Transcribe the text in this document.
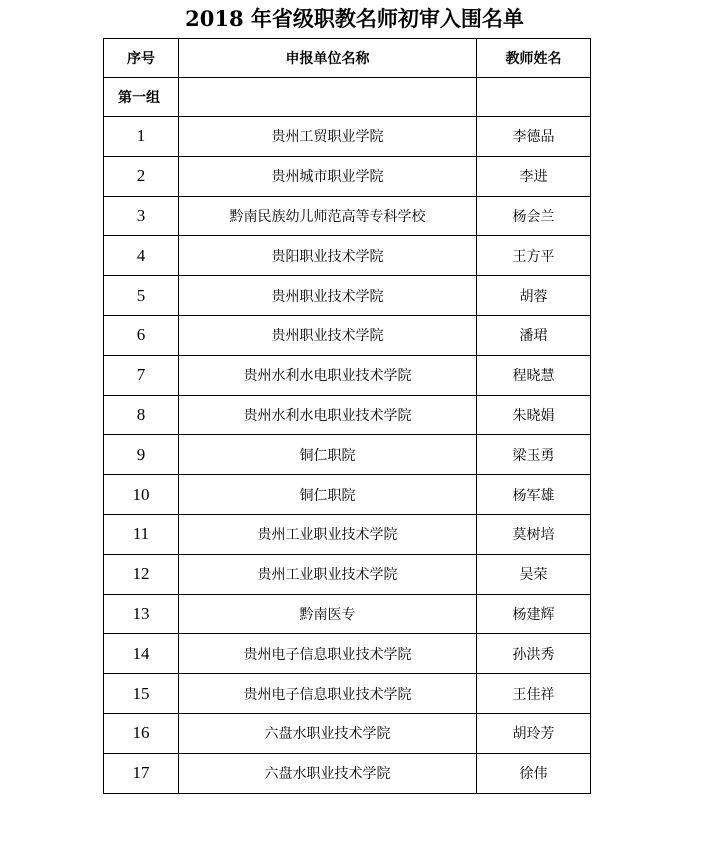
2018 年省级职教名师初审入围名单
序号	申报单位名称	教师姓名
第一组		
1	贵州工贸职业学院	李德品
2	贵州城市职业学院	李进
3	黔南民族幼儿师范高等专科学校	杨会兰
4	贵阳职业技术学院	王方平
5	贵州职业技术学院	胡蓉
6	贵州职业技术学院	潘珺
7	贵州水利水电职业技术学院	程晓慧
8	贵州水利水电职业技术学院	朱晓娟
9	铜仁职院	梁玉勇
10	铜仁职院	杨军雄
11	贵州工业职业技术学院	莫树培
12	贵州工业职业技术学院	吴荣
13	黔南医专	杨建辉
14	贵州电子信息职业技术学院	孙洪秀
15	贵州电子信息职业技术学院	王佳祥
16	六盘水职业技术学院	胡玲芳
17	六盘水职业技术学院	徐伟
